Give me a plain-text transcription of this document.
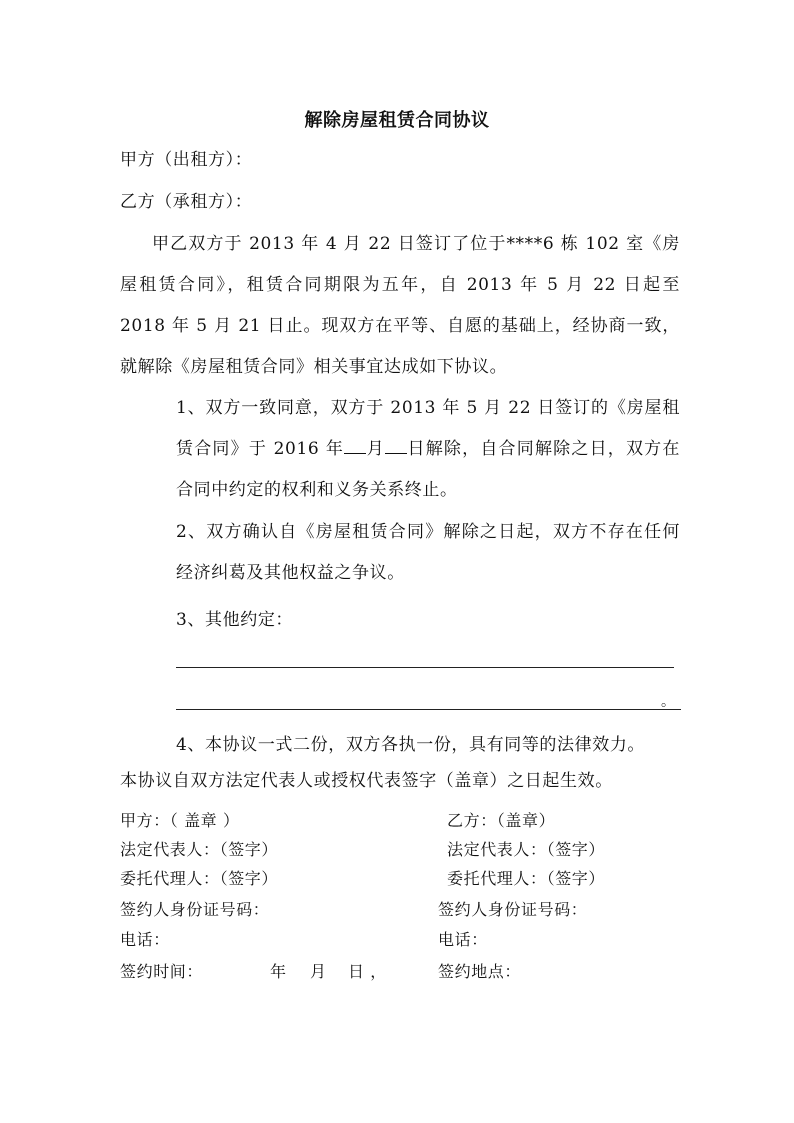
解除房屋租赁合同协议
甲方（出租方）：
乙方（承租方）：
甲乙双方于 2013 年 4 月 22 日签订了位于****6 栋 102 室《房屋租赁合同》，租赁合同期限为五年，自 2013 年 5 月 22 日起至 2018 年 5 月 21 日止。现双方在平等、自愿的基础上，经协商一致，就解除《房屋租赁合同》相关事宜达成如下协议。
1、双方一致同意，双方于 2013 年 5 月 22 日签订的《房屋租赁合同》于 2016 年 月 日解除，自合同解除之日，双方在合同中约定的权利和义务关系终止。
2、双方确认自《房屋租赁合同》解除之日起，双方不存在任何经济纠葛及其他权益之争议。
3、其他约定：
。
4、本协议一式二份，双方各执一份，具有同等的法律效力。
本协议自双方法定代表人或授权代表签字（盖章）之日起生效。
甲方：（ 盖章 ）
法定代表人：（签字）
委托代理人：（签字）
签约人身份证号码：
电话：
签约时间：	年 月 日 ，
乙方：（盖章）
法定代表人：（签字）
委托代理人：（签字）
签约人身份证号码：
电话：
签约地点：
